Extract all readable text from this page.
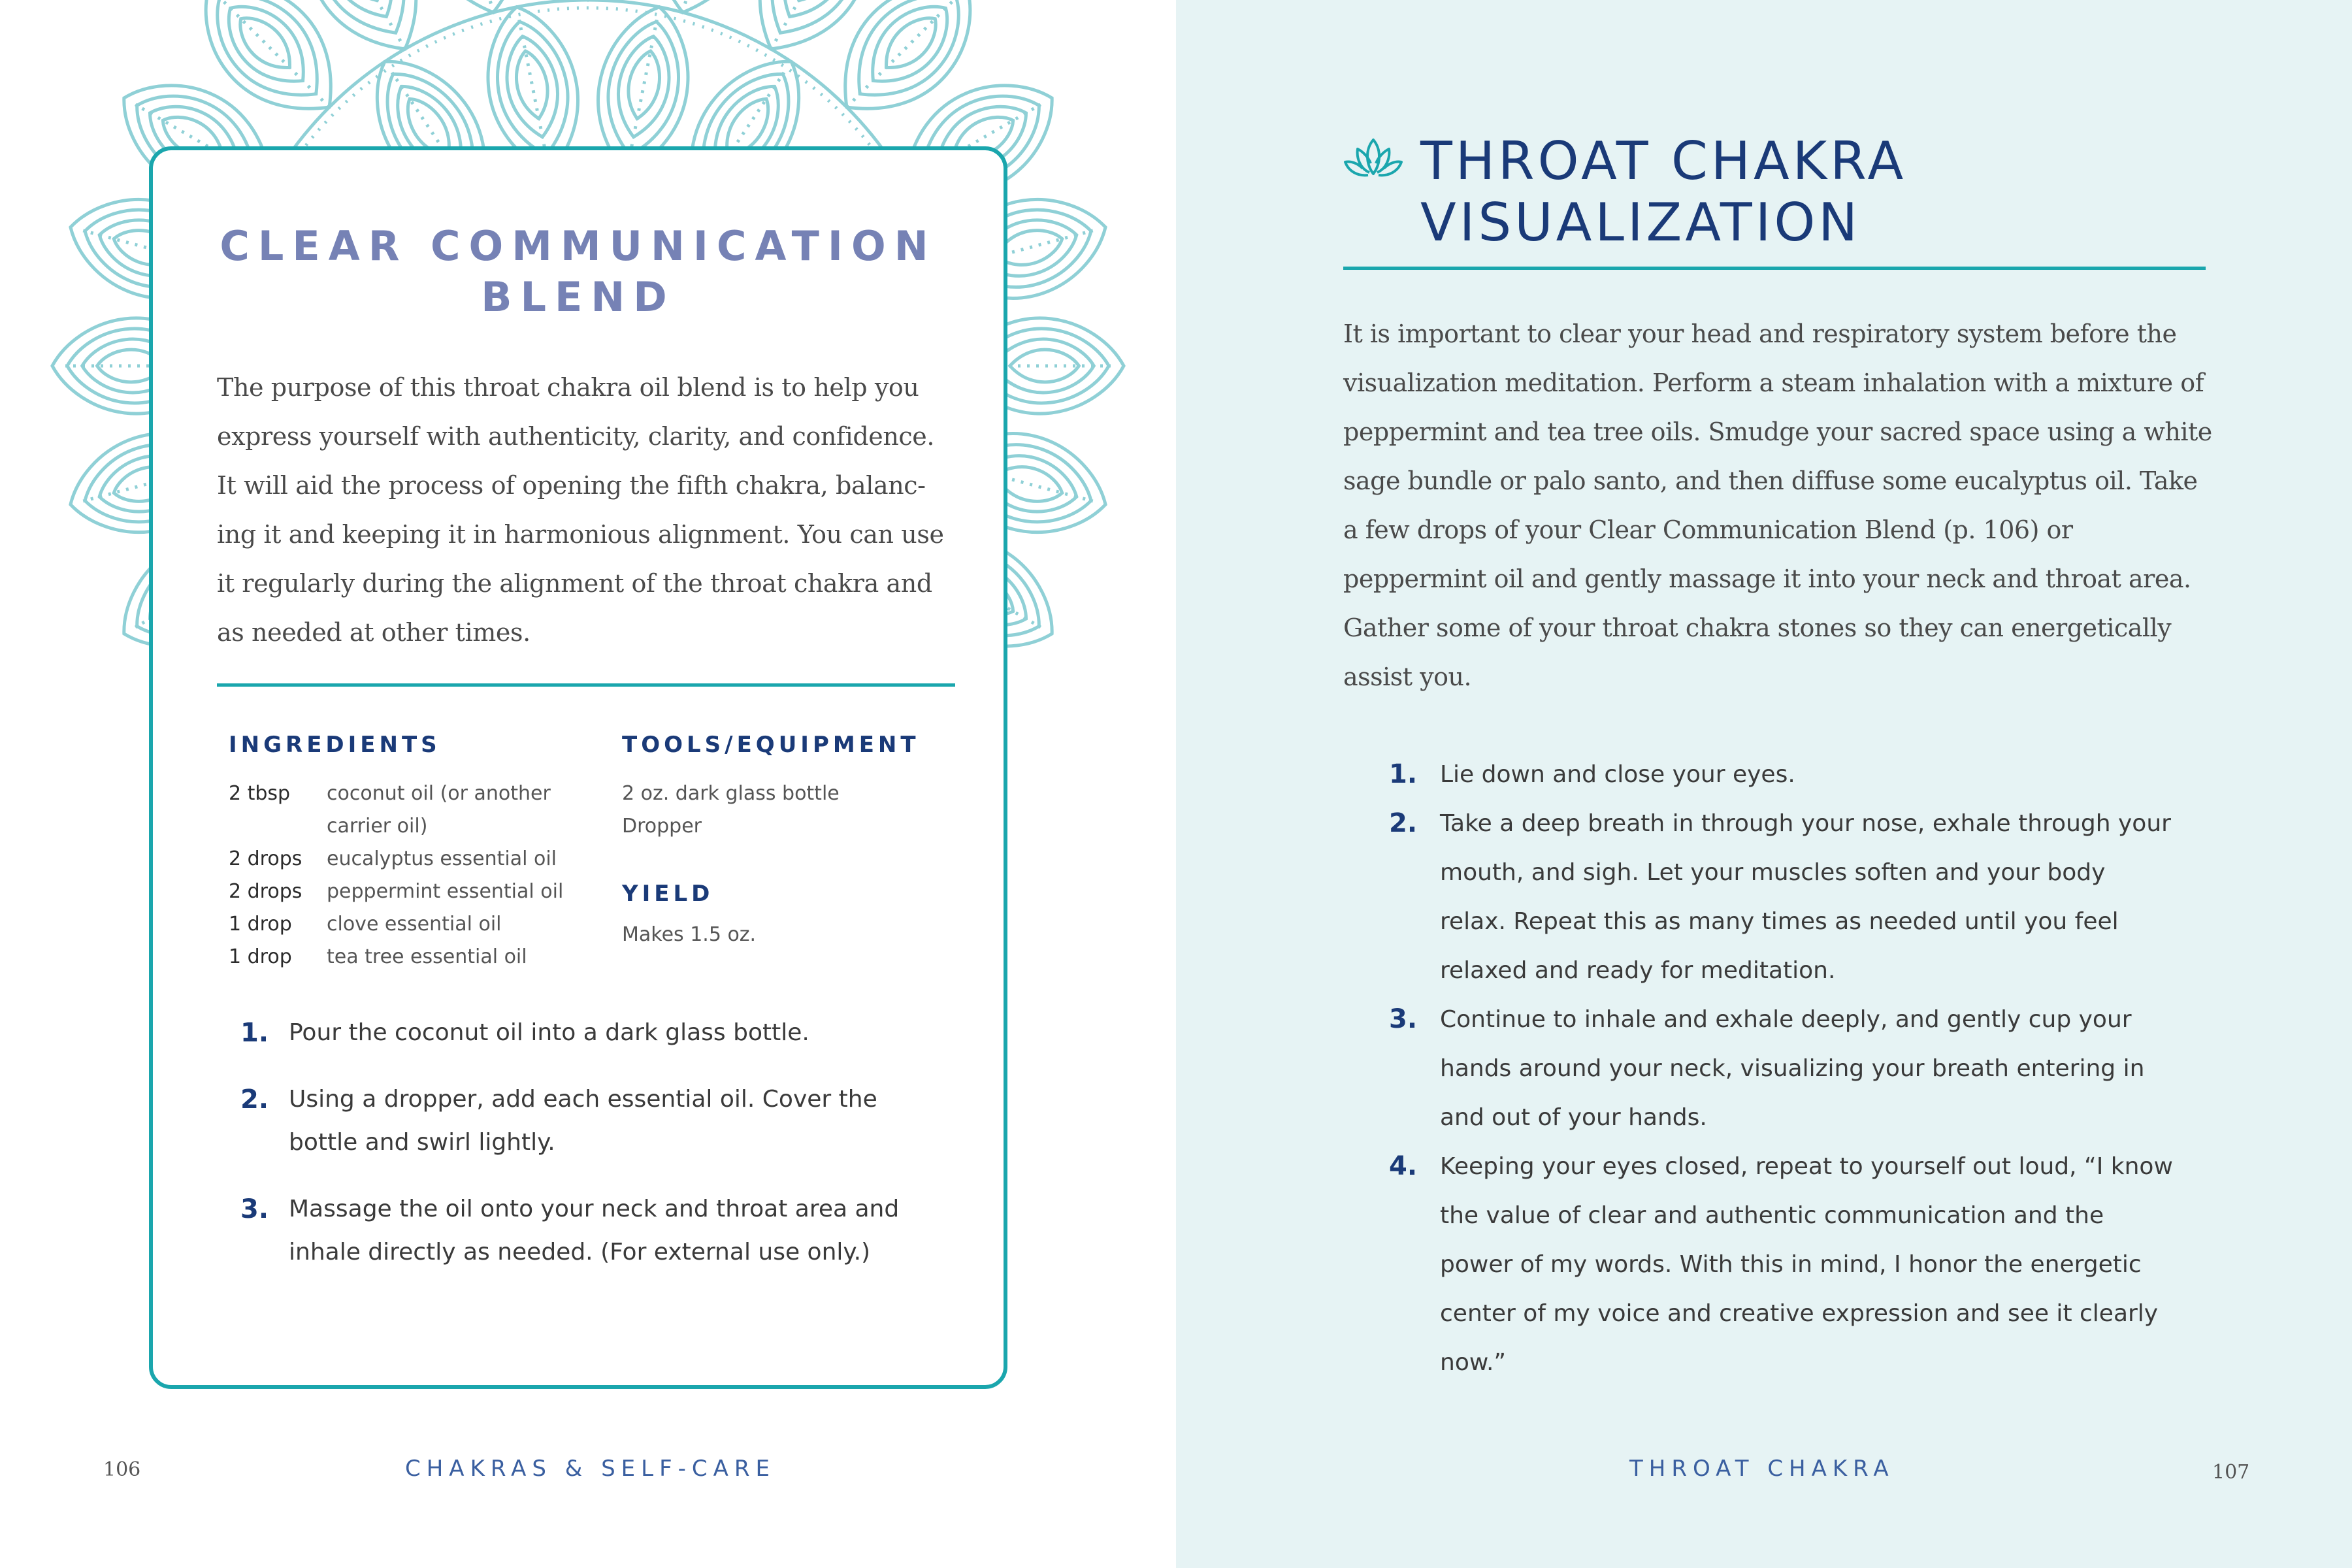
CLEAR COMMUNICATION
BLEND

The purpose of this throat chakra oil blend is to help you express yourself with authenticity, clarity, and confidence. It will aid the process of opening the fifth chakra, balanc-ing it and keeping it in harmonious alignment. You can use it regularly during the alignment of the throat chakra and as needed at other times.

INGREDIENTS
2 tbsp	coconut oil (or another carrier oil)
2 drops	eucalyptus essential oil
2 drops	peppermint essential oil
1 drop	clove essential oil
1 drop	tea tree essential oil
TOOLS/EQUIPMENT
2 oz. dark glass bottle
Dropper
YIELD
Makes 1.5 oz.
1. Pour the coconut oil into a dark glass bottle.
2. Using a dropper, add each essential oil. Cover the bottle and swirl lightly.
3. Massage the oil onto your neck and throat area and inhale directly as needed. (For external use only.)
106	CHAKRAS & SELF-CARE
THROAT CHAKRA
VISUALIZATION

It is important to clear your head and respiratory system before the visualization meditation. Perform a steam inhalation with a mixture of peppermint and tea tree oils. Smudge your sacred space using a white sage bundle or palo santo, and then diffuse some eucalyptus oil. Take a few drops of your Clear Communication Blend (p. 106) or peppermint oil and gently massage it into your neck and throat area. Gather some of your throat chakra stones so they can energetically assist you.

1. Lie down and close your eyes.
2. Take a deep breath in through your nose, exhale through your mouth, and sigh. Let your muscles soften and your body relax. Repeat this as many times as needed until you feel relaxed and ready for meditation.
3. Continue to inhale and exhale deeply, and gently cup your hands around your neck, visualizing your breath entering in and out of your hands.
4. Keeping your eyes closed, repeat to yourself out loud, “I know the value of clear and authentic communication and the power of my words. With this in mind, I honor the energetic center of my voice and creative expression and see it clearly now.”
THROAT CHAKRA	107
